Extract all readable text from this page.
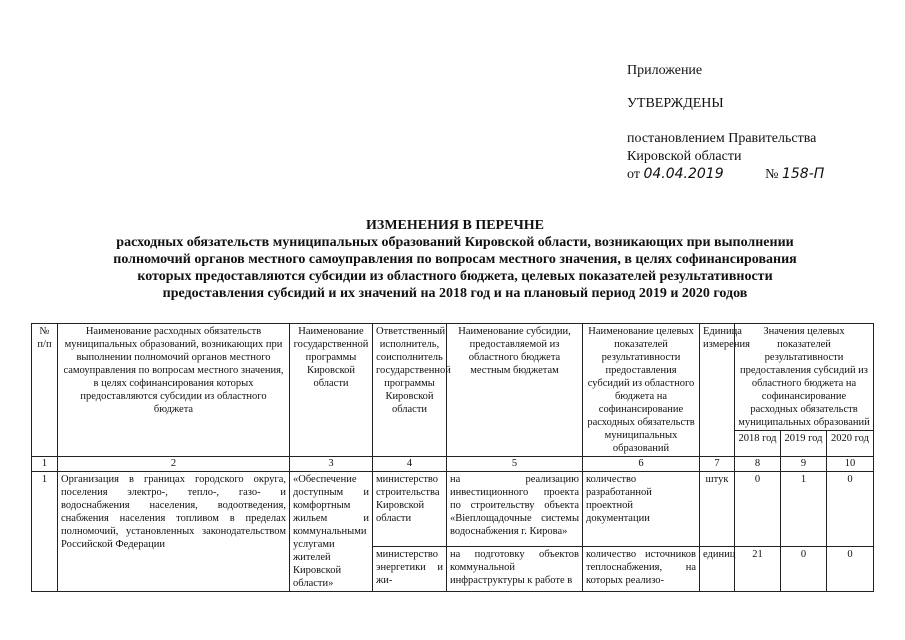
Приложение
УТВЕРЖДЕНЫ
постановлением Правительства
Кировской области
от 04.04.2019	№ 158-П
ИЗМЕНЕНИЯ В ПЕРЕЧНЕ
расходных обязательств муниципальных образований Кировской области, возникающих при выполнении
полномочий органов местного самоуправления по вопросам местного значения, в целях софинансирования
которых предоставляются субсидии из областного бюджета, целевых показателей результативности
предоставления субсидий и их значений на 2018 год и на плановый период 2019 и 2020 годов
№ п/п	Наименование расходных обязательств муниципальных образований, возникающих при выполнении полномочий органов местного самоуправления по вопросам местного значения, в целях софинансирования которых предоставляются субсидии из областного бюджета	Наименование государственной программы Кировской области	Ответственный исполнитель, соисполнитель государственной программы Кировской области	Наименование субсидии, предоставляемой из областного бюджета местным бюджетам	Наименование целевых показателей результативности предоставления субсидий из областного бюджета на софинансирование расходных обязательств муниципальных образований	Единица измерения	Значения целевых показателей результативности предоставления субсидий из областного бюджета на софинансирование расходных обязательств муниципальных образований		
							2018 год	2019 год	2020 год
1	2	3	4	5	6	7	8	9	10
1	Организация в границах городского округа, поселения электро-, тепло-, газо- и водоснабжения населения, водоотведения, снабжения населения топливом в пределах полномочий, установленных законодательством Российской Федерации	«Обеспечение доступным и комфортным жильем и коммунальными услугами жителей Кировской области»	министерство строительства Кировской области	на реализацию инвестиционного проекта по строительству объекта «Вieплощадочные системы водоснабжения г. Кирова»	количество разработанной проектной документации	штук	0	1	0
			министерство энергетики и жи-	на подготовку объектов коммунальной инфраструктуры к работе в	количество источников теплоснабжения, на которых реализо-	единиц	21	0	0
